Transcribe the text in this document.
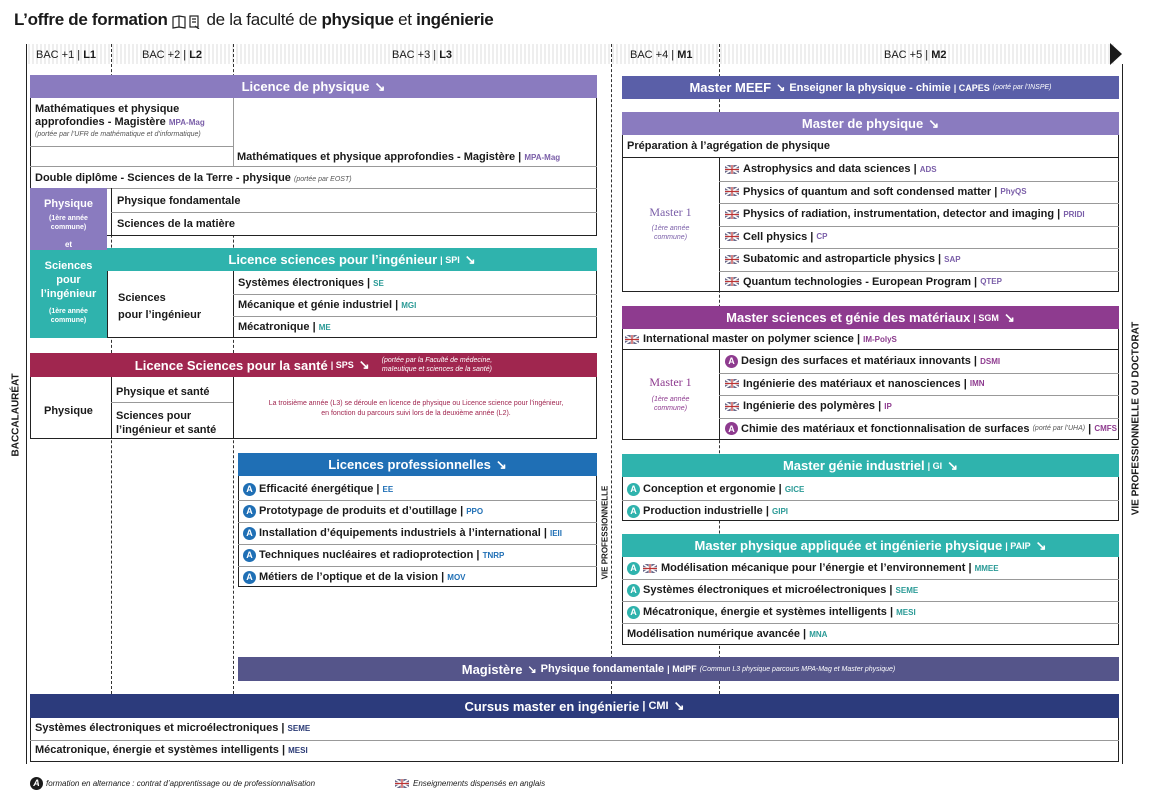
L’offre de formation de la faculté de physique et ingénierie
BAC +1 | L1	BAC +2 | L2	BAC +3 | L3	BAC +4 | M1	BAC +5 | M2
BACCALAURÉAT	VIE PROFESSIONNELLE OU DOCTORAT
VIE PROFESSIONNELLE
Licence de physique ↘
Mathématiques et physique
approfondies - Magistère MPA-Mag
(portée par l’UFR de mathématique et d’informatique)
Mathématiques et physique approfondies - Magistère | MPA-Mag
Double diplôme - Sciences de la Terre - physique (portée par EOST)
Physique
(1ère année
commune)
Physique fondamentale
Sciences de la matière
et
Sciences
pour
l’ingénieur
(1ère année
commune)
Licence sciences pour l’ingénieur | SPI ↘
Sciences
pour l’ingénieur
Systèmes électroniques | SE
Mécanique et génie industriel | MGI
Mécatronique | ME
Licence Sciences pour la santé | SPS ↘ (portée par la Faculté de médecine,
maïeutique et sciences de la santé)
Physique
Physique et santé
Sciences pour
l’ingénieur et santé
La troisième année (L3) se déroule en licence de physique ou Licence science pour l’ingénieur,
en fonction du parcours suivi lors de la deuxième année (L2).
Licences professionnelles ↘
A Efficacité énergétique | EE
A Prototypage de produits et d’outillage | PPO
A Installation d’équipements industriels à l’international | IEII
A Techniques nucléaires et radioprotection | TNRP
A Métiers de l’optique et de la vision | MOV
Master MEEF ↘ Enseigner la physique - chimie | CAPES (porté par l’INSPE)
Master de physique ↘
Préparation à l’agrégation de physique
Master 1
(1ère année
commune)
Astrophysics and data sciences | ADS
Physics of quantum and soft condensed matter | PhyQS
Physics of radiation, instrumentation, detector and imaging | PRIDI
Cell physics | CP
Subatomic and astroparticle physics | SAP
Quantum technologies - European Program | QTEP
Master sciences et génie des matériaux | SGM ↘
International master on polymer science | IM-PolyS
Master 1
(1ère année
commune)
A Design des surfaces et matériaux innovants | DSMI
Ingénierie des matériaux et nanosciences | IMN
Ingénierie des polymères | IP
A Chimie des matériaux et fonctionnalisation de surfaces
(porté par l’UHA) | CMFS
Master génie industriel | GI ↘
A Conception et ergonomie | GICE
A Production industrielle | GIPI
Master physique appliquée et ingénierie physique | PAIP ↘
A Modélisation mécanique pour l’énergie et l’environnement | MMEE
A Systèmes électroniques et microélectroniques | SEME
A Mécatronique, énergie et systèmes intelligents | MESI
Modélisation numérique avancée | MNA
Magistère ↘ Physique fondamentale | MdPF (Commun L3 physique parcours MPA-Mag et Master physique)
Cursus master en ingénierie | CMI ↘
Systèmes électroniques et microélectroniques | SEME
Mécatronique, énergie et systèmes intelligents | MESI
A formation en alternance : contrat d’apprentissage ou de professionnalisation	Enseignements dispensés en anglais
